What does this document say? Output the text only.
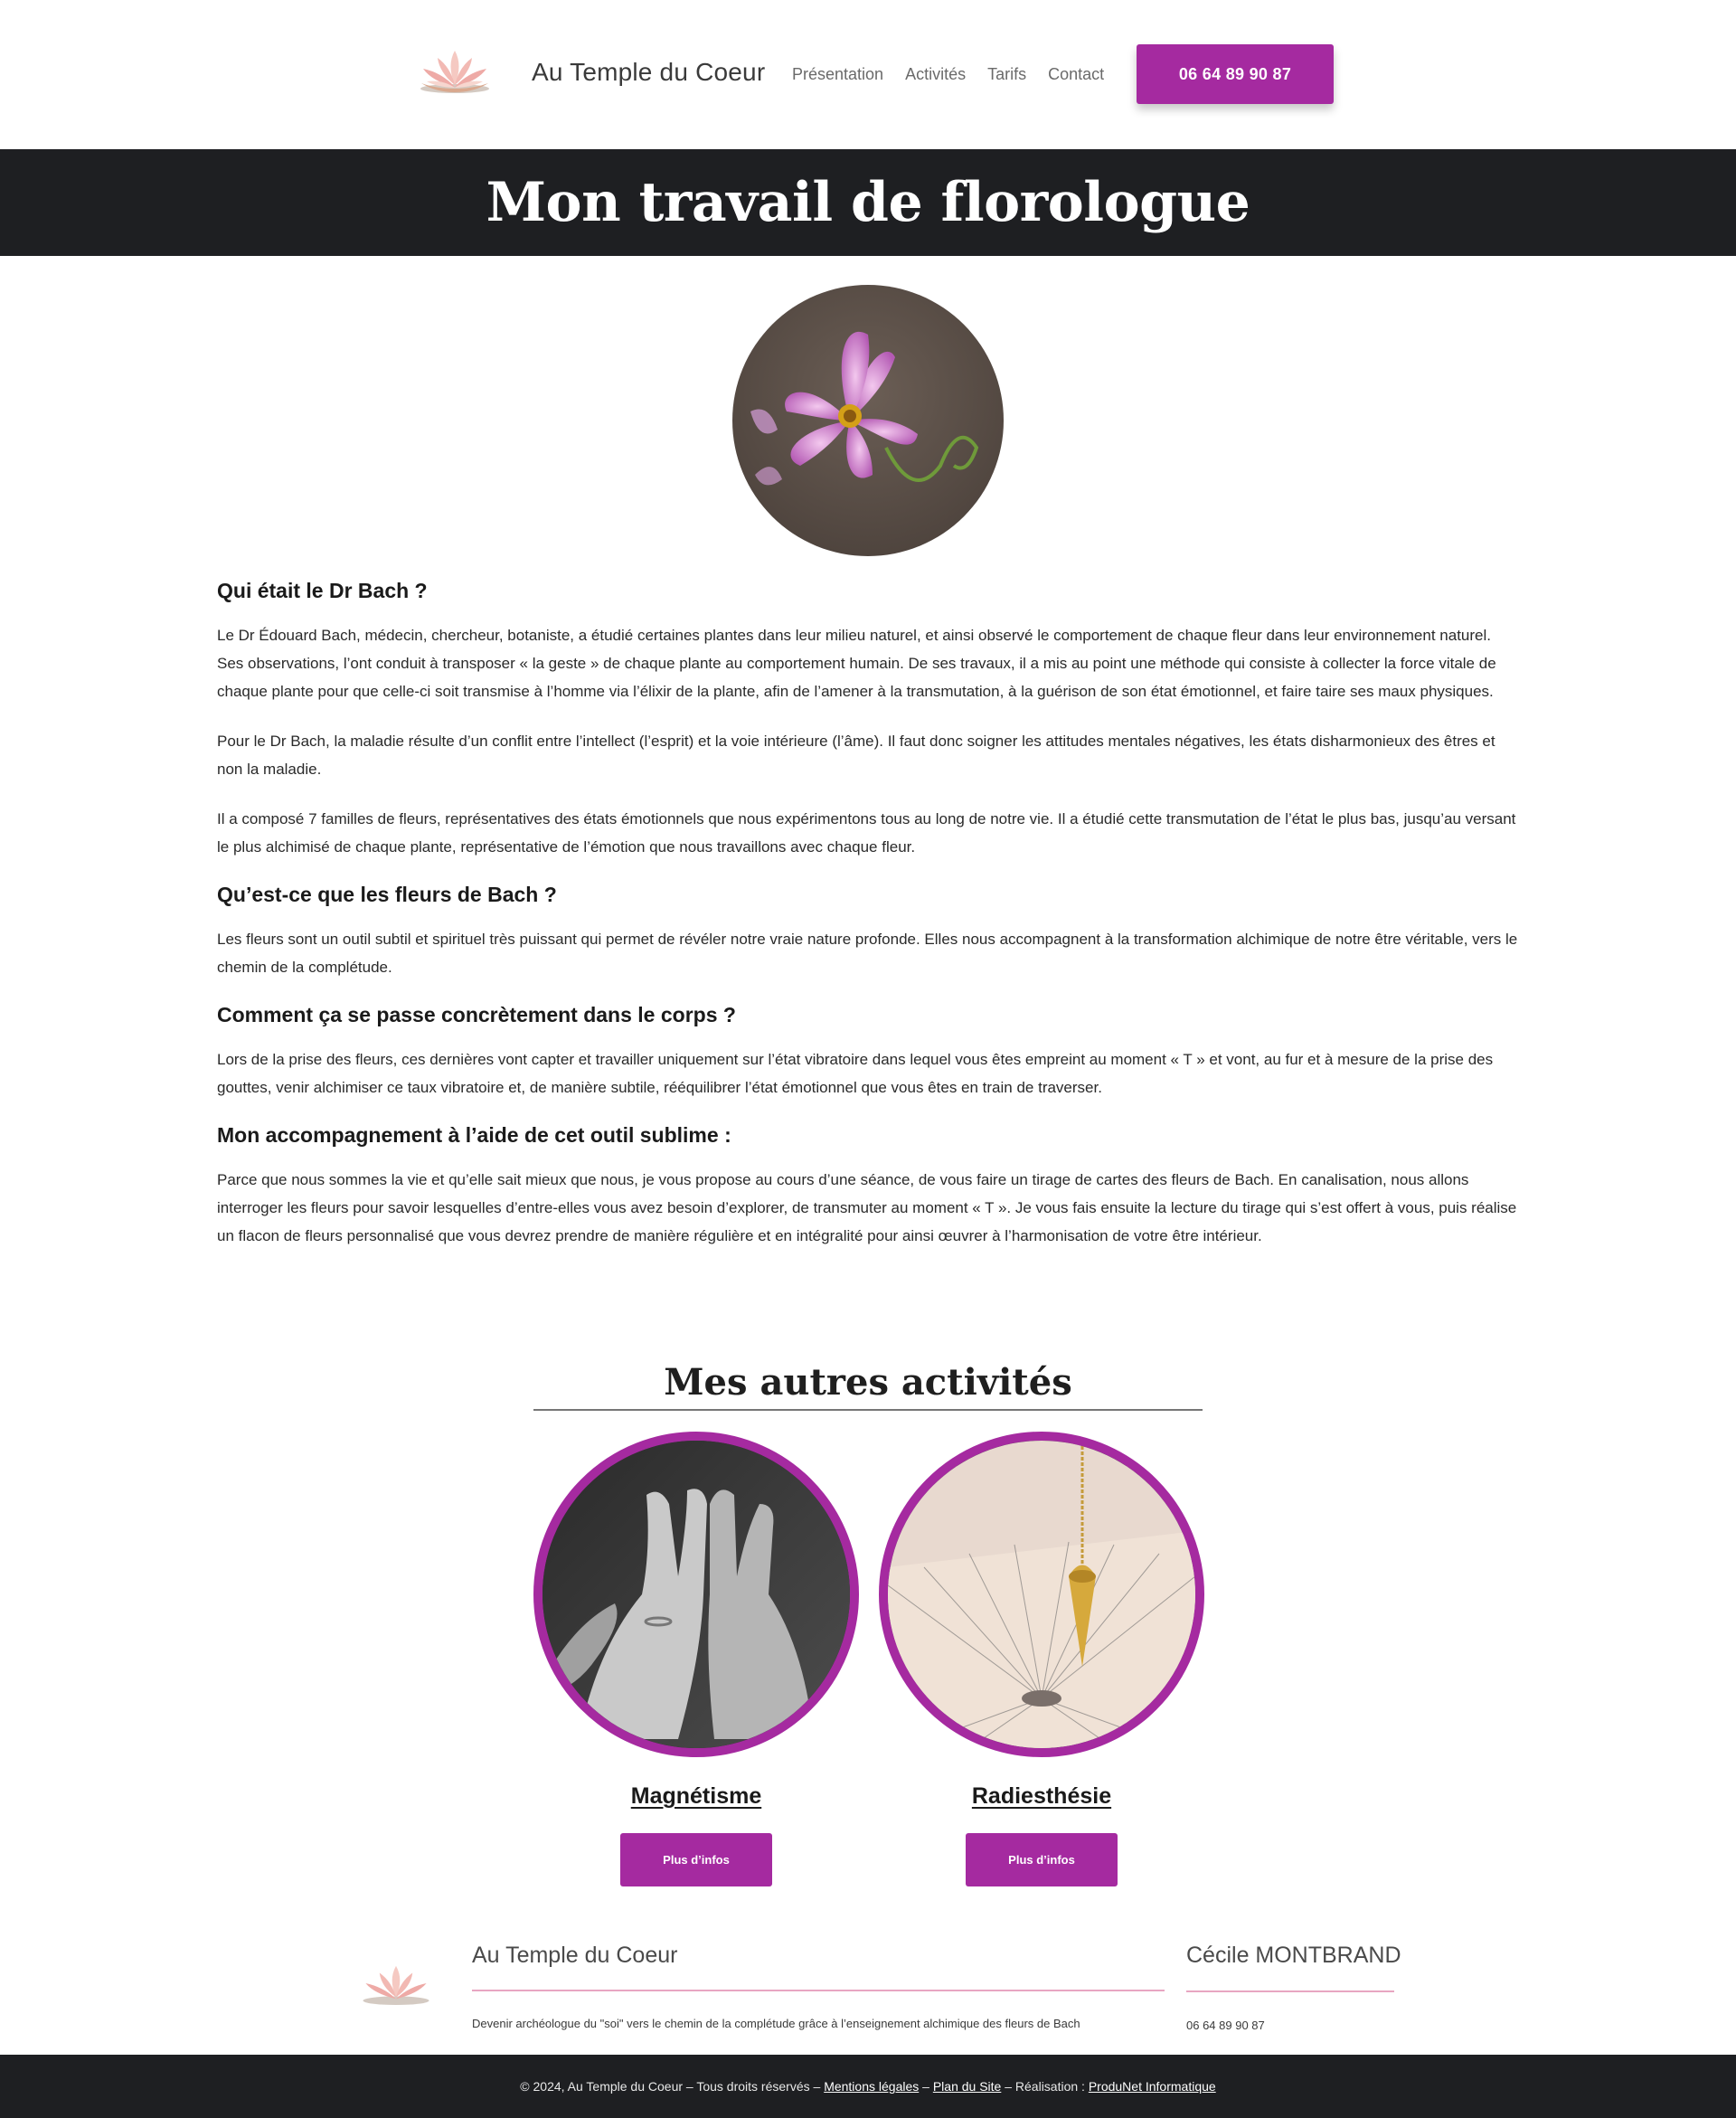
Au Temple du Coeur Présentation Activités Tarifs Contact	06 64 89 90 87
Mon travail de florologue
Qui était le Dr Bach ?

Le Dr Édouard Bach, médecin, chercheur, botaniste, a étudié certaines plantes dans leur milieu naturel, et ainsi observé le comportement de chaque fleur dans leur environnement naturel. Ses observations, l’ont conduit à transposer « la geste » de chaque plante au comportement humain. De ses travaux, il a mis au point une méthode qui consiste à collecter la force vitale de chaque plante pour que celle-ci soit transmise à l’homme via l’élixir de la plante, afin de l’amener à la transmutation, à la guérison de son état émotionnel, et faire taire ses maux physiques.

Pour le Dr Bach, la maladie résulte d’un conflit entre l’intellect (l’esprit) et la voie intérieure (l’âme). Il faut donc soigner les attitudes mentales négatives, les états disharmonieux des êtres et non la maladie.

Il a composé 7 familles de fleurs, représentatives des états émotionnels que nous expérimentons tous au long de notre vie. Il a étudié cette transmutation de l’état le plus bas, jusqu’au versant le plus alchimisé de chaque plante, représentative de l’émotion que nous travaillons avec chaque fleur.

Qu’est-ce que les fleurs de Bach ?

Les fleurs sont un outil subtil et spirituel très puissant qui permet de révéler notre vraie nature profonde. Elles nous accompagnent à la transformation alchimique de notre être véritable, vers le chemin de la complétude.

Comment ça se passe concrètement dans le corps ?

Lors de la prise des fleurs, ces dernières vont capter et travailler uniquement sur l’état vibratoire dans lequel vous êtes empreint au moment « T » et vont, au fur et à mesure de la prise des gouttes, venir alchimiser ce taux vibratoire et, de manière subtile, rééquilibrer l’état émotionnel que vous êtes en train de traverser.

Mon accompagnement à l’aide de cet outil sublime :

Parce que nous sommes la vie et qu’elle sait mieux que nous, je vous propose au cours d’une séance, de vous faire un tirage de cartes des fleurs de Bach. En canalisation, nous allons interroger les fleurs pour savoir lesquelles d’entre-elles vous avez besoin d’explorer, de transmuter au moment « T ». Je vous fais ensuite la lecture du tirage qui s’est offert à vous, puis réalise un flacon de fleurs personnalisé que vous devrez prendre de manière régulière et en intégralité pour ainsi œuvrer à l’harmonisation de votre être intérieur.

Mes autres activités
Magnétisme
Plus d’infos
Radiesthésie
Plus d’infos
Au Temple du Coeur
Devenir archéologue du "soi" vers le chemin de la complétude grâce à l’enseignement alchimique des fleurs de Bach
Cécile MONTBRAND
06 64 89 90 87
© 2024, Au Temple du Coeur – Tous droits réservés –
Mentions légales
–
Plan du Site
– Réalisation :
ProduNet Informatique
